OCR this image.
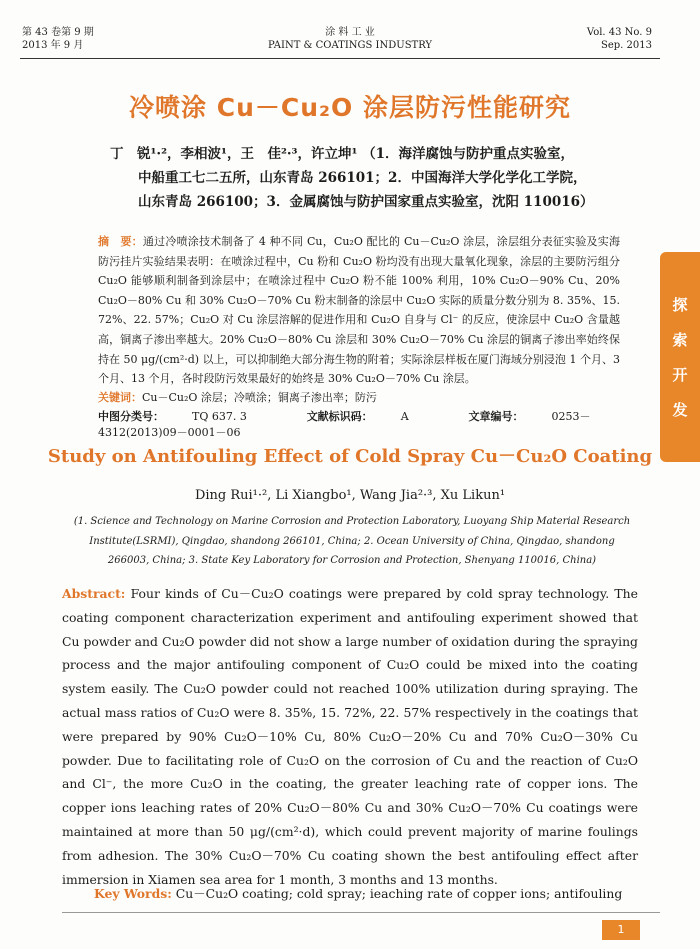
第 43 卷第 9 期
2013 年 9 月
涂 料 工 业
PAINT & COATINGS INDUSTRY
Vol. 43 No. 9
Sep. 2013
探
索
开
发
冷喷涂 Cu－Cu₂O 涂层防污性能研究
丁　锐¹·²，李相波¹，王　佳²·³，许立坤¹ （1．海洋腐蚀与防护重点实验室，
中船重工七二五所，山东青岛 266101；2．中国海洋大学化学化工学院，
山东青岛 266100；3．金属腐蚀与防护国家重点实验室，沈阳 110016）
摘　要：通过冷喷涂技术制备了 4 种不同 Cu，Cu₂O 配比的 Cu－Cu₂O 涂层，涂层组分表征实验及实海防污挂片实验结果表明：在喷涂过程中，Cu 粉和 Cu₂O 粉均没有出现大量氧化现象，涂层的主要防污组分 Cu₂O 能够顺利制备到涂层中；在喷涂过程中 Cu₂O 粉不能 100% 利用，10% Cu₂O－90% Cu、20% Cu₂O－80% Cu 和 30% Cu₂O－70% Cu 粉末制备的涂层中 Cu₂O 实际的质量分数分别为 8. 35%、15. 72%、22. 57%；Cu₂O 对 Cu 涂层溶解的促进作用和 Cu₂O 自身与 Cl⁻ 的反应，使涂层中 Cu₂O 含量越高，铜离子渗出率越大。20% Cu₂O－80% Cu 涂层和 30% Cu₂O－70% Cu 涂层的铜离子渗出率始终保持在 50 μg/(cm²·d) 以上，可以抑制绝大部分海生物的附着；实际涂层样板在厦门海域分别浸泡 1 个月、3 个月、13 个月，各时段防污效果最好的始终是 30% Cu₂O－70% Cu 涂层。
关键词：Cu－Cu₂O 涂层；冷喷涂；铜离子渗出率；防污
中图分类号：	TQ 637. 3	文献标识码：	A	文章编号：	0253－4312(2013)09－0001－06
Study on Antifouling Effect of Cold Spray Cu－Cu₂O Coating
Ding Rui¹·², Li Xiangbo¹, Wang Jia²·³, Xu Likun¹
(1. Science and Technology on Marine Corrosion and Protection Laboratory, Luoyang Ship Material Research Institute(LSRMI), Qingdao, shandong 266101, China; 2. Ocean University of China, Qingdao, shandong 266003, China; 3. State Key Laboratory for Corrosion and Protection, Shenyang 110016, China)
Abstract: Four kinds of Cu－Cu₂O coatings were prepared by cold spray technology. The coating component characterization experiment and antifouling experiment showed that Cu powder and Cu₂O powder did not show a large number of oxidation during the spraying process and the major antifouling component of Cu₂O could be mixed into the coating system easily. The Cu₂O powder could not reached 100% utilization during spraying. The actual mass ratios of Cu₂O were 8. 35%, 15. 72%, 22. 57% respectively in the coatings that were prepared by 90% Cu₂O－10% Cu, 80% Cu₂O－20% Cu and 70% Cu₂O－30% Cu powder. Due to facilitating role of Cu₂O on the corrosion of Cu and the reaction of Cu₂O and Cl⁻, the more Cu₂O in the coating, the greater leaching rate of copper ions. The copper ions leaching rates of 20% Cu₂O－80% Cu and 30% Cu₂O－70% Cu coatings were maintained at more than 50 μg/(cm²·d), which could prevent majority of marine foulings from adhesion. The 30% Cu₂O－70% Cu coating shown the best antifouling effect after immersion in Xiamen sea area for 1 month, 3 months and 13 months.
Key Words: Cu－Cu₂O coating; cold spray; ieaching rate of copper ions; antifouling
1
